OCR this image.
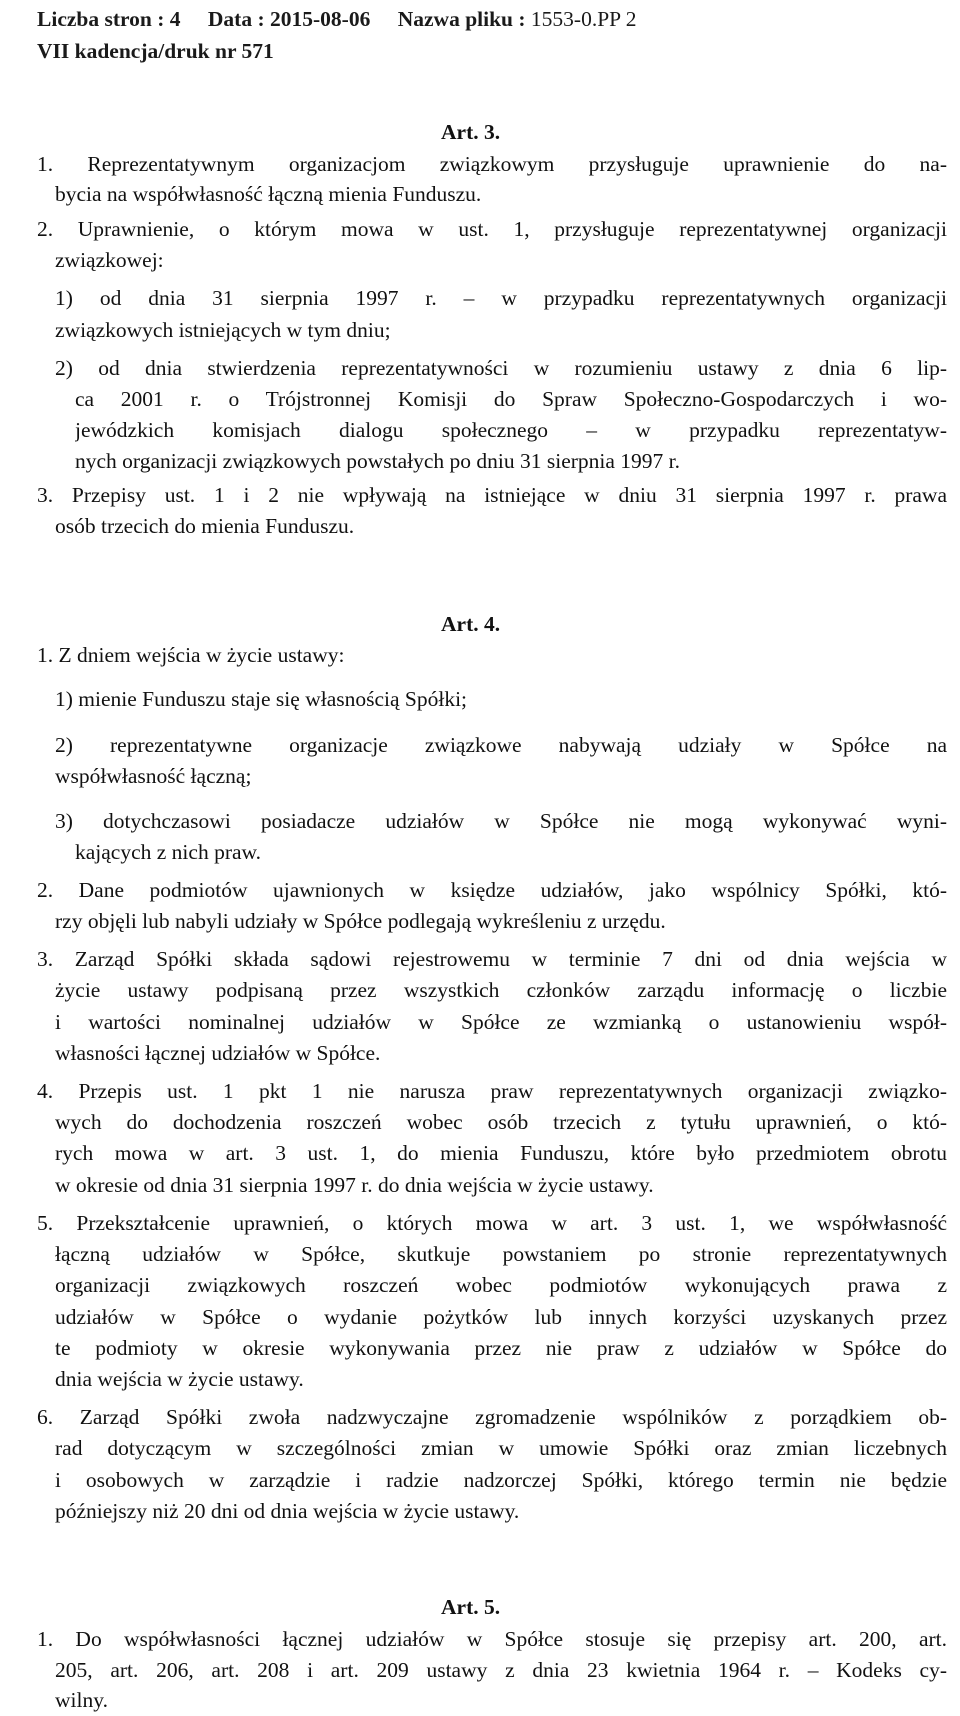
Liczba stron : 4 Data : 2015-08-06 Nazwa pliku : 1553-0.PP 2
VII kadencja/druk nr 571
Art. 3.
1. Reprezentatywnym organizacjom związkowym przysługuje uprawnienie do na-
bycia na współwłasność łączną mienia Funduszu.
2. Uprawnienie, o którym mowa w ust. 1, przysługuje reprezentatywnej organizacji
związkowej:
1) od dnia 31 sierpnia 1997 r. – w przypadku reprezentatywnych organizacji
związkowych istniejących w tym dniu;
2) od dnia stwierdzenia reprezentatywności w rozumieniu ustawy z dnia 6 lip-
ca 2001 r. o Trójstronnej Komisji do Spraw Społeczno-Gospodarczych i wo-
jewódzkich komisjach dialogu społecznego – w przypadku reprezentatyw-
nych organizacji związkowych powstałych po dniu 31 sierpnia 1997 r.
3. Przepisy ust. 1 i 2 nie wpływają na istniejące w dniu 31 sierpnia 1997 r. prawa
osób trzecich do mienia Funduszu.
Art. 4.
1. Z dniem wejścia w życie ustawy:
1) mienie Funduszu staje się własnością Spółki;
2) reprezentatywne organizacje związkowe nabywają udziały w Spółce na
współwłasność łączną;
3) dotychczasowi posiadacze udziałów w Spółce nie mogą wykonywać wyni-
kających z nich praw.
2. Dane podmiotów ujawnionych w księdze udziałów, jako wspólnicy Spółki, któ-
rzy objęli lub nabyli udziały w Spółce podlegają wykreśleniu z urzędu.
3. Zarząd Spółki składa sądowi rejestrowemu w terminie 7 dni od dnia wejścia w
życie ustawy podpisaną przez wszystkich członków zarządu informację o liczbie
i wartości nominalnej udziałów w Spółce ze wzmianką o ustanowieniu współ-
własności łącznej udziałów w Spółce.
4. Przepis ust. 1 pkt 1 nie narusza praw reprezentatywnych organizacji związko-
wych do dochodzenia roszczeń wobec osób trzecich z tytułu uprawnień, o któ-
rych mowa w art. 3 ust. 1, do mienia Funduszu, które było przedmiotem obrotu
w okresie od dnia 31 sierpnia 1997 r. do dnia wejścia w życie ustawy.
5. Przekształcenie uprawnień, o których mowa w art. 3 ust. 1, we współwłasność
łączną udziałów w Spółce, skutkuje powstaniem po stronie reprezentatywnych
organizacji związkowych roszczeń wobec podmiotów wykonujących prawa z
udziałów w Spółce o wydanie pożytków lub innych korzyści uzyskanych przez
te podmioty w okresie wykonywania przez nie praw z udziałów w Spółce do
dnia wejścia w życie ustawy.
6. Zarząd Spółki zwoła nadzwyczajne zgromadzenie wspólników z porządkiem ob-
rad dotyczącym w szczególności zmian w umowie Spółki oraz zmian liczebnych
i osobowych w zarządzie i radzie nadzorczej Spółki, którego termin nie będzie
późniejszy niż 20 dni od dnia wejścia w życie ustawy.
Art. 5.
1. Do współwłasności łącznej udziałów w Spółce stosuje się przepisy art. 200, art.
205, art. 206, art. 208 i art. 209 ustawy z dnia 23 kwietnia 1964 r. – Kodeks cy-
wilny.
